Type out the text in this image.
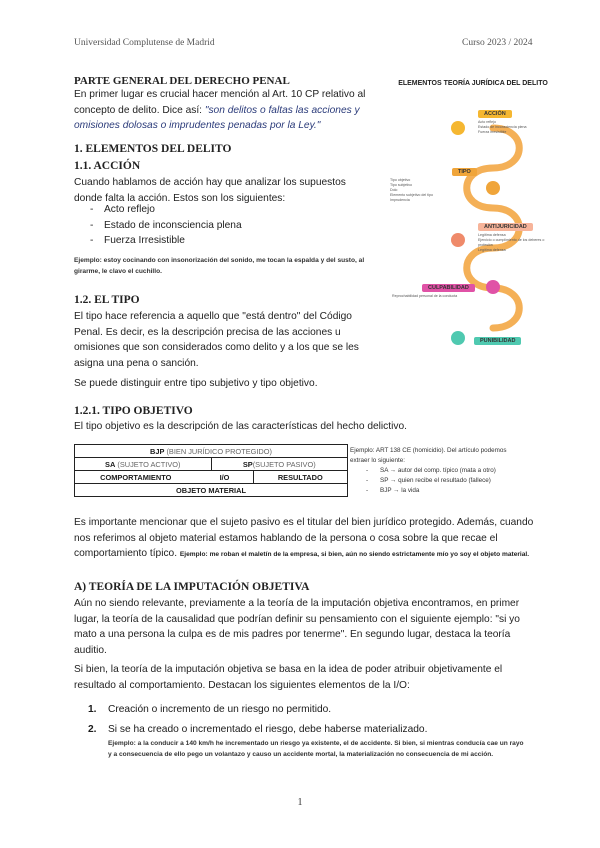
Universidad Complutense de Madrid	Curso 2023 / 2024
PARTE GENERAL DEL DERECHO PENAL
En primer lugar es crucial hacer mención al Art. 10 CP relativo al concepto de delito. Dice así: "son delitos o faltas las acciones y omisiones dolosas o imprudentes penadas por la Ley."
1. ELEMENTOS DEL DELITO
1.1. ACCIÓN
Cuando hablamos de acción hay que analizar los supuestos donde falta la acción. Estos son los siguientes:
- Acto reflejo
- Estado de inconsciencia plena
- Fuerza Irresistible
Ejemplo: estoy cocinando con insonorización del sonido, me tocan la espalda y del susto, al girarme, le clavo el cuchillo.
1.2. EL TIPO
El tipo hace referencia a aquello que "está dentro" del Código Penal. Es decir, es la descripción precisa de las acciones u omisiones que son considerados como delito y a los que se les asigna una pena o sanción.
Se puede distinguir entre tipo subjetivo y tipo objetivo.
1.2.1. TIPO OBJETIVO
El tipo objetivo es la descripción de las características del hecho delictivo.
BJP (BIEN JURÍDICO PROTEGIDO)
SA (SUJETO ACTIVO)	SP (SUJETO PASIVO)
COMPORTAMIENTO	I/O	RESULTADO
OBJETO MATERIAL
Ejemplo: ART 138 CE (homicidio). Del artículo podemos extraer lo siguiente:
- SA → autor del comp. típico (mata a otro)
- SP → quien recibe el resultado (fallece)
- BJP → la vida
Es importante mencionar que el sujeto pasivo es el titular del bien jurídico protegido. Además, cuando nos referimos al objeto material estamos hablando de la persona o cosa sobre la que recae el comportamiento típico. Ejemplo: me roban el maletín de la empresa, si bien, aún no siendo estrictamente mío yo soy el objeto material.
A) TEORÍA DE LA IMPUTACIÓN OBJETIVA
Aún no siendo relevante, previamente a la teoría de la imputación objetiva encontramos, en primer lugar, la teoría de la causalidad que podrían definir su pensamiento con el siguiente ejemplo: "si yo mato a una persona la culpa es de mis padres por tenerme". En segundo lugar, destaca la teoría auditio.
Si bien, la teoría de la imputación objetiva se basa en la idea de poder atribuir objetivamente el resultado al comportamiento. Destacan los siguientes elementos de la I/O:
1. Creación o incremento de un riesgo no permitido.
2. Si se ha creado o incrementado el riesgo, debe haberse materializado.
Ejemplo: a la conducir a 140 km/h he incrementado un riesgo ya existente, el de accidente. Si bien, si mientras conducía cae un rayo y a consecuencia de ello pego un volantazo y causo un accidente mortal, la materialización no consecuencia de mi acción.
ELEMENTOS TEORÍA JURÍDICA DEL DELITO
ACCIÓN
Acto reflejo
Estado de inconsciencia plena
Fuerza irresistible
TIPO
Tipo objetivo
Tipo subjetivo
Dolo
Elemento subjetivo del tipo
Imprudencia
ANTIJURICIDAD
Legítima defensa
Ejercicio o cumplimiento de los deberes o profesión
Legítima defensa
CULPABILIDAD
Reprochabilidad personal de la conducta
PUNIBILIDAD
1
